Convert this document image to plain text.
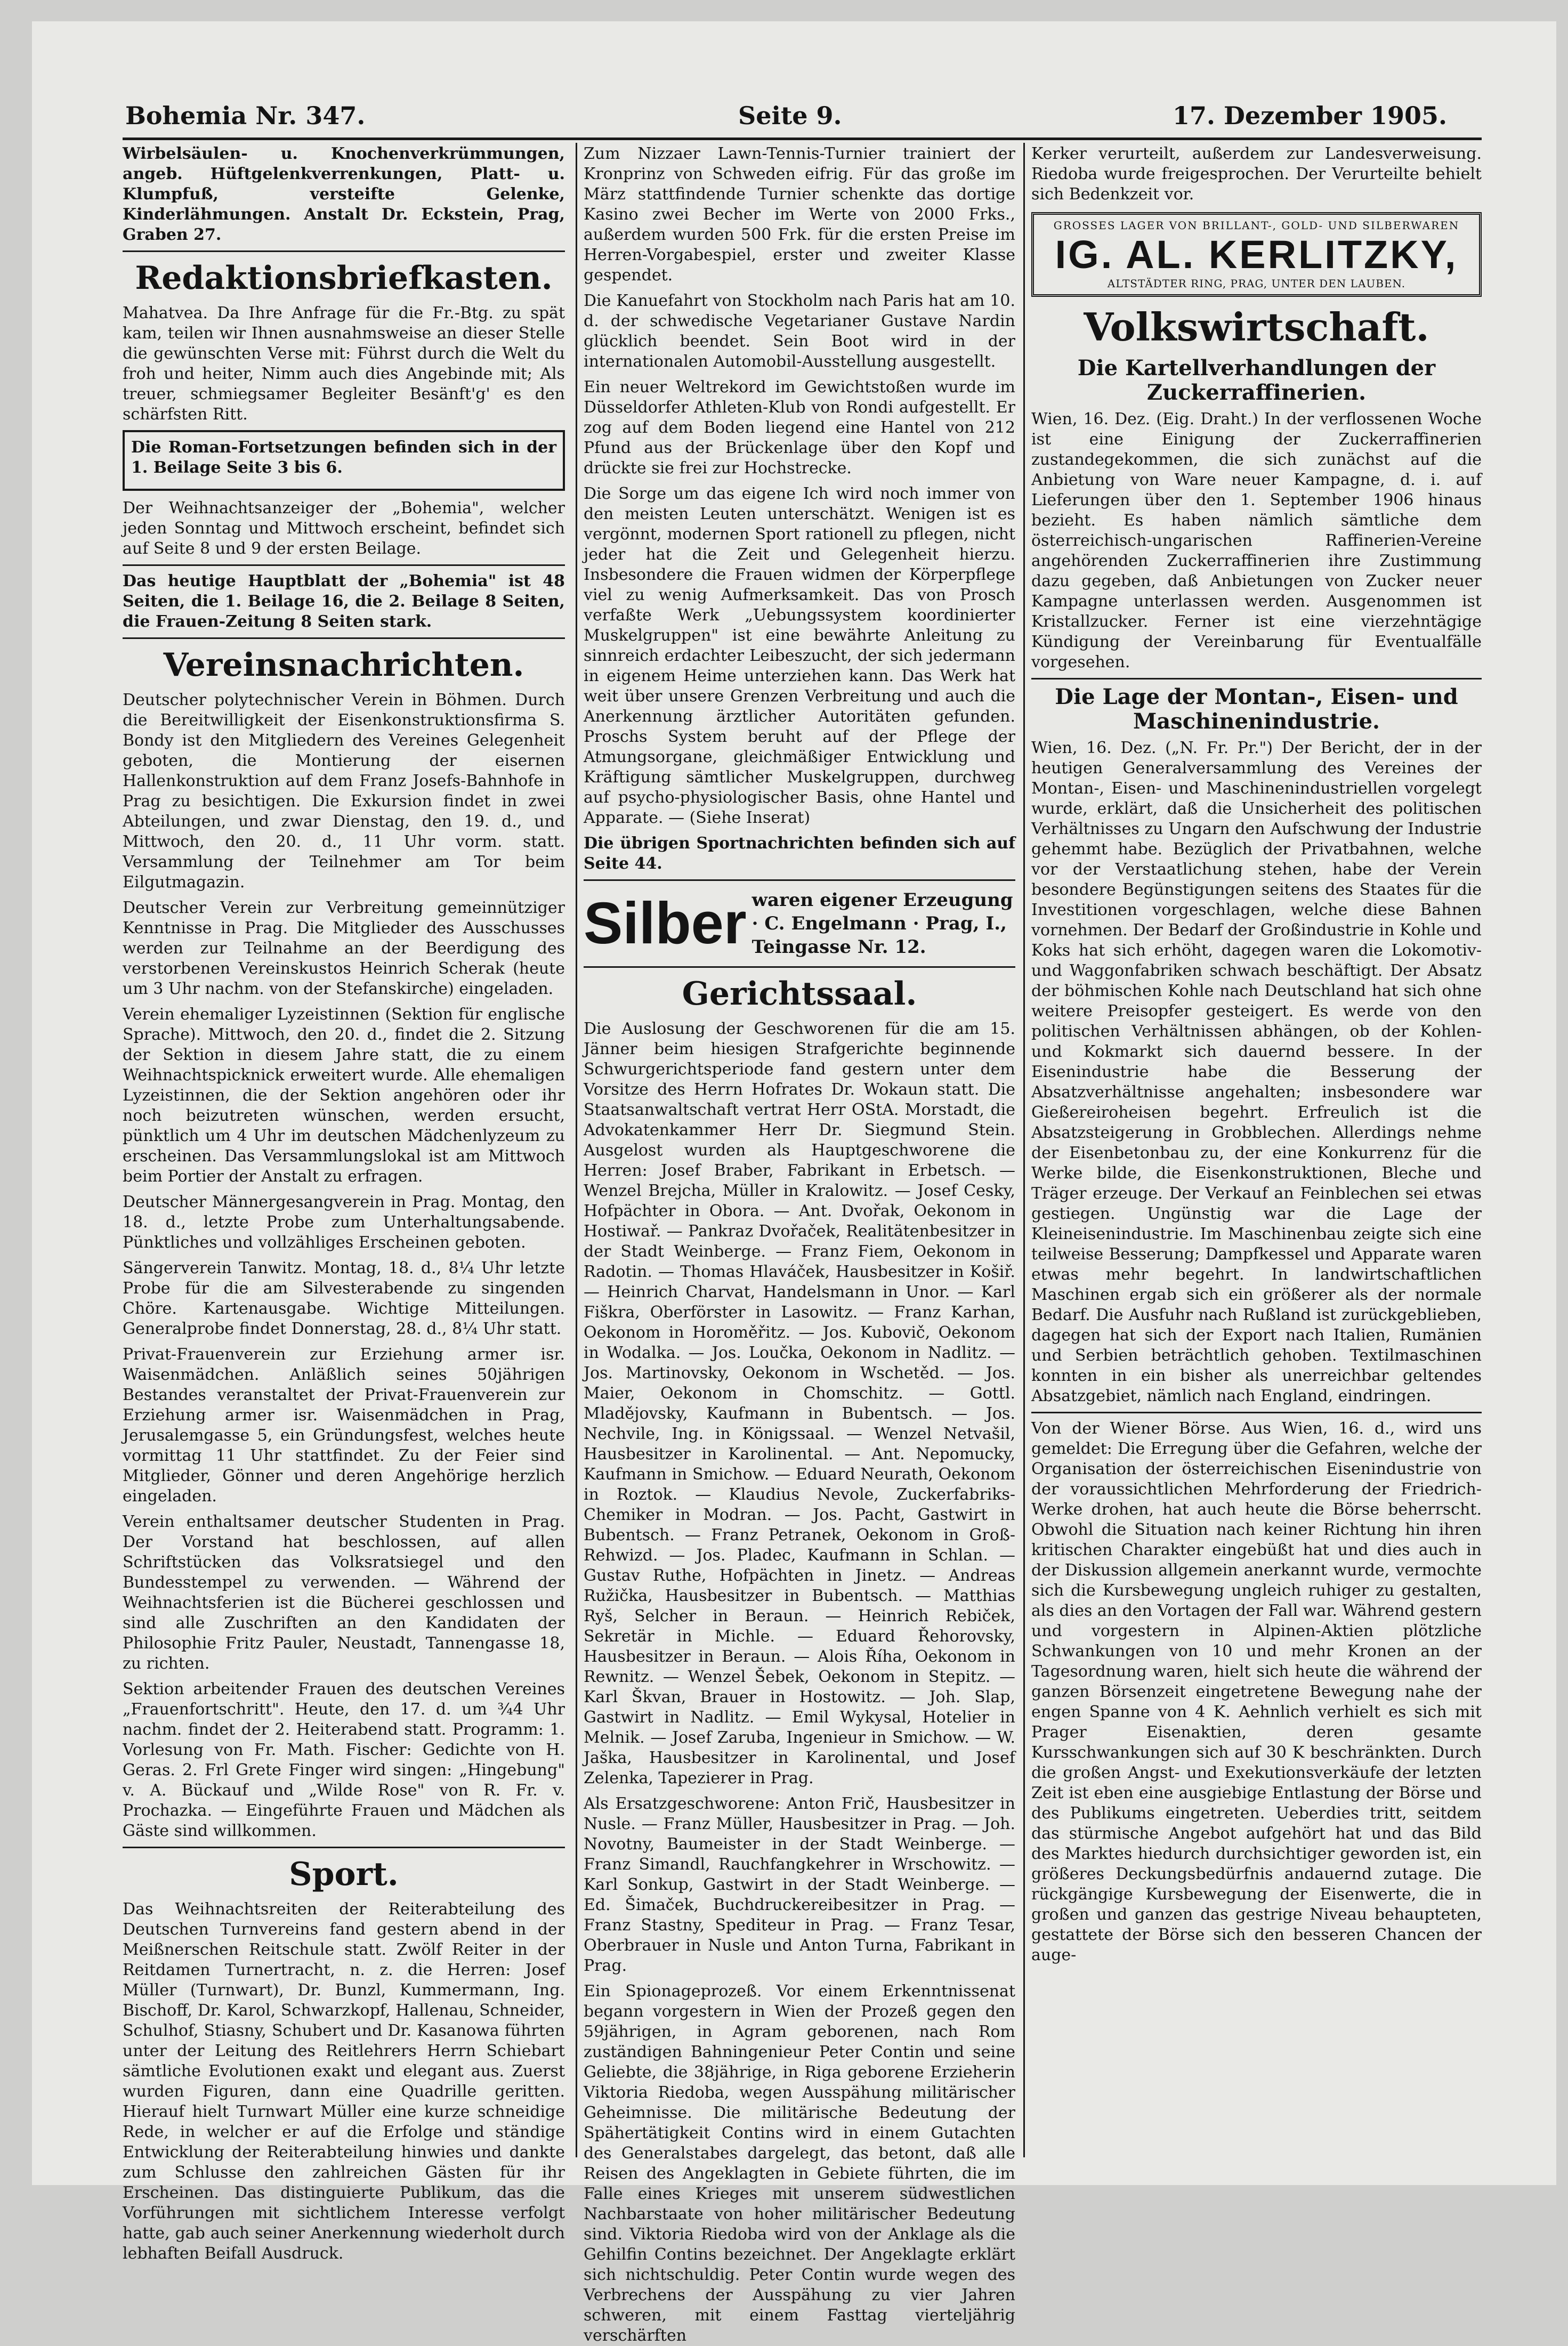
Bohemia Nr. 347.	Seite 9.	17. Dezember 1905.

Wirbelsäulen- u. Knochenverkrümmungen, angeb. Hüftgelenkverrenkungen, Platt- u. Klumpfuß, versteifte Gelenke, Kinderlähmungen. Anstalt Dr. Eckstein, Prag, Graben 27.

Redaktionsbriefkasten.

Mahatvea. Da Ihre Anfrage für die Fr.-Btg. zu spät kam, teilen wir Ihnen ausnahmsweise an dieser Stelle die gewünschten Verse mit: Führst durch die Welt du froh und heiter, Nimm auch dies Angebinde mit; Als treuer, schmiegsamer Begleiter Besänft'g' es den schärfsten Ritt.

Die Roman-Fortsetzungen befinden sich in der 1. Beilage Seite 3 bis 6.

Der Weihnachtsanzeiger der „Bohemia", welcher jeden Sonntag und Mittwoch erscheint, befindet sich auf Seite 8 und 9 der ersten Beilage.

Das heutige Hauptblatt der „Bohemia" ist 48 Seiten, die 1. Beilage 16, die 2. Beilage 8 Seiten, die Frauen-Zeitung 8 Seiten stark.

Vereinsnachrichten.

Deutscher polytechnischer Verein in Böhmen. Durch die Bereitwilligkeit der Eisenkonstruktionsfirma S. Bondy ist den Mitgliedern des Vereines Gelegenheit geboten, die Montierung der eisernen Hallenkonstruktion auf dem Franz Josefs-Bahnhofe in Prag zu besichtigen. Die Exkursion findet in zwei Abteilungen, und zwar Dienstag, den 19. d., und Mittwoch, den 20. d., 11 Uhr vorm. statt. Versammlung der Teilnehmer am Tor beim Eilgutmagazin.

Deutscher Verein zur Verbreitung gemeinnütziger Kenntnisse in Prag. Die Mitglieder des Ausschusses werden zur Teilnahme an der Beerdigung des verstorbenen Vereinskustos Heinrich Scherak (heute um 3 Uhr nachm. von der Stefanskirche) eingeladen.

Verein ehemaliger Lyzeistinnen (Sektion für englische Sprache). Mittwoch, den 20. d., findet die 2. Sitzung der Sektion in diesem Jahre statt, die zu einem Weihnachtspicknick erweitert wurde. Alle ehemaligen Lyzeistinnen, die der Sektion angehören oder ihr noch beizutreten wünschen, werden ersucht, pünktlich um 4 Uhr im deutschen Mädchenlyzeum zu erscheinen. Das Versammlungslokal ist am Mittwoch beim Portier der Anstalt zu erfragen.

Deutscher Männergesangverein in Prag. Montag, den 18. d., letzte Probe zum Unterhaltungsabende. Pünktliches und vollzähliges Erscheinen geboten.

Sängerverein Tanwitz. Montag, 18. d., 8¼ Uhr letzte Probe für die am Silvesterabende zu singenden Chöre. Kartenausgabe. Wichtige Mitteilungen. Generalprobe findet Donnerstag, 28. d., 8¼ Uhr statt.

Privat-Frauenverein zur Erziehung armer isr. Waisenmädchen. Anläßlich seines 50jährigen Bestandes veranstaltet der Privat-Frauenverein zur Erziehung armer isr. Waisenmädchen in Prag, Jerusalemgasse 5, ein Gründungsfest, welches heute vormittag 11 Uhr stattfindet. Zu der Feier sind Mitglieder, Gönner und deren Angehörige herzlich eingeladen.

Verein enthaltsamer deutscher Studenten in Prag. Der Vorstand hat beschlossen, auf allen Schriftstücken das Volksratsiegel und den Bundesstempel zu verwenden. — Während der Weihnachtsferien ist die Bücherei geschlossen und sind alle Zuschriften an den Kandidaten der Philosophie Fritz Pauler, Neustadt, Tannengasse 18, zu richten.

Sektion arbeitender Frauen des deutschen Vereines „Frauenfortschritt". Heute, den 17. d. um ¾4 Uhr nachm. findet der 2. Heiterabend statt. Programm: 1. Vorlesung von Fr. Math. Fischer: Gedichte von H. Geras. 2. Frl Grete Finger wird singen: „Hingebung" v. A. Bückauf und „Wilde Rose" von R. Fr. v. Prochazka. — Eingeführte Frauen und Mädchen als Gäste sind willkommen.

Sport.

Das Weihnachtsreiten der Reiterabteilung des Deutschen Turnvereins fand gestern abend in der Meißnerschen Reitschule statt. Zwölf Reiter in der Reitdamen Turnertracht, n. z. die Herren: Josef Müller (Turnwart), Dr. Bunzl, Kummermann, Ing. Bischoff, Dr. Karol, Schwarzkopf, Hallenau, Schneider, Schulhof, Stiasny, Schubert und Dr. Kasanowa führten unter der Leitung des Reitlehrers Herrn Schiebart sämtliche Evolutionen exakt und elegant aus. Zuerst wurden Figuren, dann eine Quadrille geritten. Hierauf hielt Turnwart Müller eine kurze schneidige Rede, in welcher er auf die Erfolge und ständige Entwicklung der Reiterabteilung hinwies und dankte zum Schlusse den zahlreichen Gästen für ihr Erscheinen. Das distinguierte Publikum, das die Vorführungen mit sichtlichem Interesse verfolgt hatte, gab auch seiner Anerkennung wiederholt durch lebhaften Beifall Ausdruck.

Zum Nizzaer Lawn-Tennis-Turnier trainiert der Kronprinz von Schweden eifrig. Für das große im März stattfindende Turnier schenkte das dortige Kasino zwei Becher im Werte von 2000 Frks., außerdem wurden 500 Frk. für die ersten Preise im Herren-Vorgabespiel, erster und zweiter Klasse gespendet.

Die Kanuefahrt von Stockholm nach Paris hat am 10. d. der schwedische Vegetarianer Gustave Nardin glücklich beendet. Sein Boot wird in der internationalen Automobil-Ausstellung ausgestellt.

Ein neuer Weltrekord im Gewichtstoßen wurde im Düsseldorfer Athleten-Klub von Rondi aufgestellt. Er zog auf dem Boden liegend eine Hantel von 212 Pfund aus der Brückenlage über den Kopf und drückte sie frei zur Hochstrecke.

Die Sorge um das eigene Ich wird noch immer von den meisten Leuten unterschätzt. Wenigen ist es vergönnt, modernen Sport rationell zu pflegen, nicht jeder hat die Zeit und Gelegenheit hierzu. Insbesondere die Frauen widmen der Körperpflege viel zu wenig Aufmerksamkeit. Das von Prosch verfaßte Werk „Uebungssystem koordinierter Muskelgruppen" ist eine bewährte Anleitung zu sinnreich erdachter Leibeszucht, der sich jedermann in eigenem Heime unterziehen kann. Das Werk hat weit über unsere Grenzen Verbreitung und auch die Anerkennung ärztlicher Autoritäten gefunden. Proschs System beruht auf der Pflege der Atmungsorgane, gleichmäßiger Entwicklung und Kräftigung sämtlicher Muskelgruppen, durchweg auf psycho-physiologischer Basis, ohne Hantel und Apparate. — (Siehe Inserat)

Die übrigen Sportnachrichten befinden sich auf Seite 44.

Silber waren eigener Erzeugung · C. Engelmann · Prag, I., Teingasse Nr. 12.
Gerichtssaal.

Die Auslosung der Geschworenen für die am 15. Jänner beim hiesigen Strafgerichte beginnende Schwurgerichtsperiode fand gestern unter dem Vorsitze des Herrn Hofrates Dr. Wokaun statt. Die Staatsanwaltschaft vertrat Herr OStA. Morstadt, die Advokatenkammer Herr Dr. Siegmund Stein. Ausgelost wurden als Hauptgeschworene die Herren: Josef Braber, Fabrikant in Erbetsch. — Wenzel Brejcha, Müller in Kralowitz. — Josef Cesky, Hofpächter in Obora. — Ant. Dvořak, Oekonom in Hostiwař. — Pankraz Dvořaček, Realitätenbesitzer in der Stadt Weinberge. — Franz Fiem, Oekonom in Radotin. — Thomas Hlaváček, Hausbesitzer in Košiř. — Heinrich Charvat, Handelsmann in Unor. — Karl Fiškra, Oberförster in Lasowitz. — Franz Karhan, Oekonom in Horoměřitz. — Jos. Kubovič, Oekonom in Wodalka. — Jos. Loučka, Oekonom in Nadlitz. — Jos. Martinovsky, Oekonom in Wschetěd. — Jos. Maier, Oekonom in Chomschitz. — Gottl. Mladějovsky, Kaufmann in Bubentsch. — Jos. Nechvile, Ing. in Königssaal. — Wenzel Netvašil, Hausbesitzer in Karolinental. — Ant. Nepomucky, Kaufmann in Smichow. — Eduard Neurath, Oekonom in Roztok. — Klaudius Nevole, Zuckerfabriks-Chemiker in Modran. — Jos. Pacht, Gastwirt in Bubentsch. — Franz Petranek, Oekonom in Groß-Rehwizd. — Jos. Pladec, Kaufmann in Schlan. — Gustav Ruthe, Hofpächten in Jinetz. — Andreas Ružička, Hausbesitzer in Bubentsch. — Matthias Ryš, Selcher in Beraun. — Heinrich Rebiček, Sekretär in Michle. — Eduard Řehorovsky, Hausbesitzer in Beraun. — Alois Říha, Oekonom in Rewnitz. — Wenzel Šebek, Oekonom in Stepitz. — Karl Škvan, Brauer in Hostowitz. — Joh. Slap, Gastwirt in Nadlitz. — Emil Wykysal, Hotelier in Melnik. — Josef Zaruba, Ingenieur in Smichow. — W. Jaška, Hausbesitzer in Karolinental, und Josef Zelenka, Tapezierer in Prag.

Als Ersatzgeschworene: Anton Frič, Hausbesitzer in Nusle. — Franz Müller, Hausbesitzer in Prag. — Joh. Novotny, Baumeister in der Stadt Weinberge. — Franz Simandl, Rauchfangkehrer in Wrschowitz. — Karl Sonkup, Gastwirt in der Stadt Weinberge. — Ed. Šimaček, Buchdruckereibesitzer in Prag. — Franz Stastny, Spediteur in Prag. — Franz Tesar, Oberbrauer in Nusle und Anton Turna, Fabrikant in Prag.

Ein Spionageprozeß. Vor einem Erkenntnissenat begann vorgestern in Wien der Prozeß gegen den 59jährigen, in Agram geborenen, nach Rom zuständigen Bahningenieur Peter Contin und seine Geliebte, die 38jährige, in Riga geborene Erzieherin Viktoria Riedoba, wegen Ausspähung militärischer Geheimnisse. Die militärische Bedeutung der Spähertätigkeit Contins wird in einem Gutachten des Generalstabes dargelegt, das betont, daß alle Reisen des Angeklagten in Gebiete führten, die im Falle eines Krieges mit unserem südwestlichen Nachbarstaate von hoher militärischer Bedeutung sind. Viktoria Riedoba wird von der Anklage als die Gehilfin Contins bezeichnet. Der Angeklagte erklärt sich nichtschuldig. Peter Contin wurde wegen des Verbrechens der Ausspähung zu vier Jahren schweren, mit einem Fasttag vierteljährig verschärften

Kerker verurteilt, außerdem zur Landesverweisung. Riedoba wurde freigesprochen. Der Verurteilte behielt sich Bedenkzeit vor.

GROSSES LAGER VON BRILLANT-, GOLD- UND SILBERWAREN
IG. AL. KERLITZKY,
ALTSTÄDTER RING, PRAG, UNTER DEN LAUBEN.
Volkswirtschaft.
Die Kartellverhandlungen der Zuckerraffinerien.

Wien, 16. Dez. (Eig. Draht.) In der verflossenen Woche ist eine Einigung der Zuckerraffinerien zustandegekommen, die sich zunächst auf die Anbietung von Ware neuer Kampagne, d. i. auf Lieferungen über den 1. September 1906 hinaus bezieht. Es haben nämlich sämtliche dem österreichisch-ungarischen Raffinerien-Vereine angehörenden Zuckerraffinerien ihre Zustimmung dazu gegeben, daß Anbietungen von Zucker neuer Kampagne unterlassen werden. Ausgenommen ist Kristallzucker. Ferner ist eine vierzehntägige Kündigung der Vereinbarung für Eventualfälle vorgesehen.

Die Lage der Montan-, Eisen- und Maschinenindustrie.

Wien, 16. Dez. („N. Fr. Pr.") Der Bericht, der in der heutigen Generalversammlung des Vereines der Montan-, Eisen- und Maschinenindustriellen vorgelegt wurde, erklärt, daß die Unsicherheit des politischen Verhältnisses zu Ungarn den Aufschwung der Industrie gehemmt habe. Bezüglich der Privatbahnen, welche vor der Verstaatlichung stehen, habe der Verein besondere Begünstigungen seitens des Staates für die Investitionen vorgeschlagen, welche diese Bahnen vornehmen. Der Bedarf der Großindustrie in Kohle und Koks hat sich erhöht, dagegen waren die Lokomotiv- und Waggonfabriken schwach beschäftigt. Der Absatz der böhmischen Kohle nach Deutschland hat sich ohne weitere Preisopfer gesteigert. Es werde von den politischen Verhältnissen abhängen, ob der Kohlen- und Kokmarkt sich dauernd bessere. In der Eisenindustrie habe die Besserung der Absatzverhältnisse angehalten; insbesondere war Gießereiroheisen begehrt. Erfreulich ist die Absatzsteigerung in Grobblechen. Allerdings nehme der Eisenbetonbau zu, der eine Konkurrenz für die Werke bilde, die Eisenkonstruktionen, Bleche und Träger erzeuge. Der Verkauf an Feinblechen sei etwas gestiegen. Ungünstig war die Lage der Kleineisenindustrie. Im Maschinenbau zeigte sich eine teilweise Besserung; Dampfkessel und Apparate waren etwas mehr begehrt. In landwirtschaftlichen Maschinen ergab sich ein größerer als der normale Bedarf. Die Ausfuhr nach Rußland ist zurückgeblieben, dagegen hat sich der Export nach Italien, Rumänien und Serbien beträchtlich gehoben. Textilmaschinen konnten in ein bisher als unerreichbar geltendes Absatzgebiet, nämlich nach England, eindringen.

Von der Wiener Börse. Aus Wien, 16. d., wird uns gemeldet: Die Erregung über die Gefahren, welche der Organisation der österreichischen Eisenindustrie von der voraussichtlichen Mehrforderung der Friedrich-Werke drohen, hat auch heute die Börse beherrscht. Obwohl die Situation nach keiner Richtung hin ihren kritischen Charakter eingebüßt hat und dies auch in der Diskussion allgemein anerkannt wurde, vermochte sich die Kursbewegung ungleich ruhiger zu gestalten, als dies an den Vortagen der Fall war. Während gestern und vorgestern in Alpinen-Aktien plötzliche Schwankungen von 10 und mehr Kronen an der Tagesordnung waren, hielt sich heute die während der ganzen Börsenzeit eingetretene Bewegung nahe der engen Spanne von 4 K. Aehnlich verhielt es sich mit Prager Eisenaktien, deren gesamte Kursschwankungen sich auf 30 K beschränkten. Durch die großen Angst- und Exekutionsverkäufe der letzten Zeit ist eben eine ausgiebige Entlastung der Börse und des Publikums eingetreten. Ueberdies tritt, seitdem das stürmische Angebot aufgehört hat und das Bild des Marktes hiedurch durchsichtiger geworden ist, ein größeres Deckungsbedürfnis andauernd zutage. Die rückgängige Kursbewegung der Eisenwerte, die in großen und ganzen das gestrige Niveau behaupteten, gestattete der Börse sich den besseren Chancen der auge-
